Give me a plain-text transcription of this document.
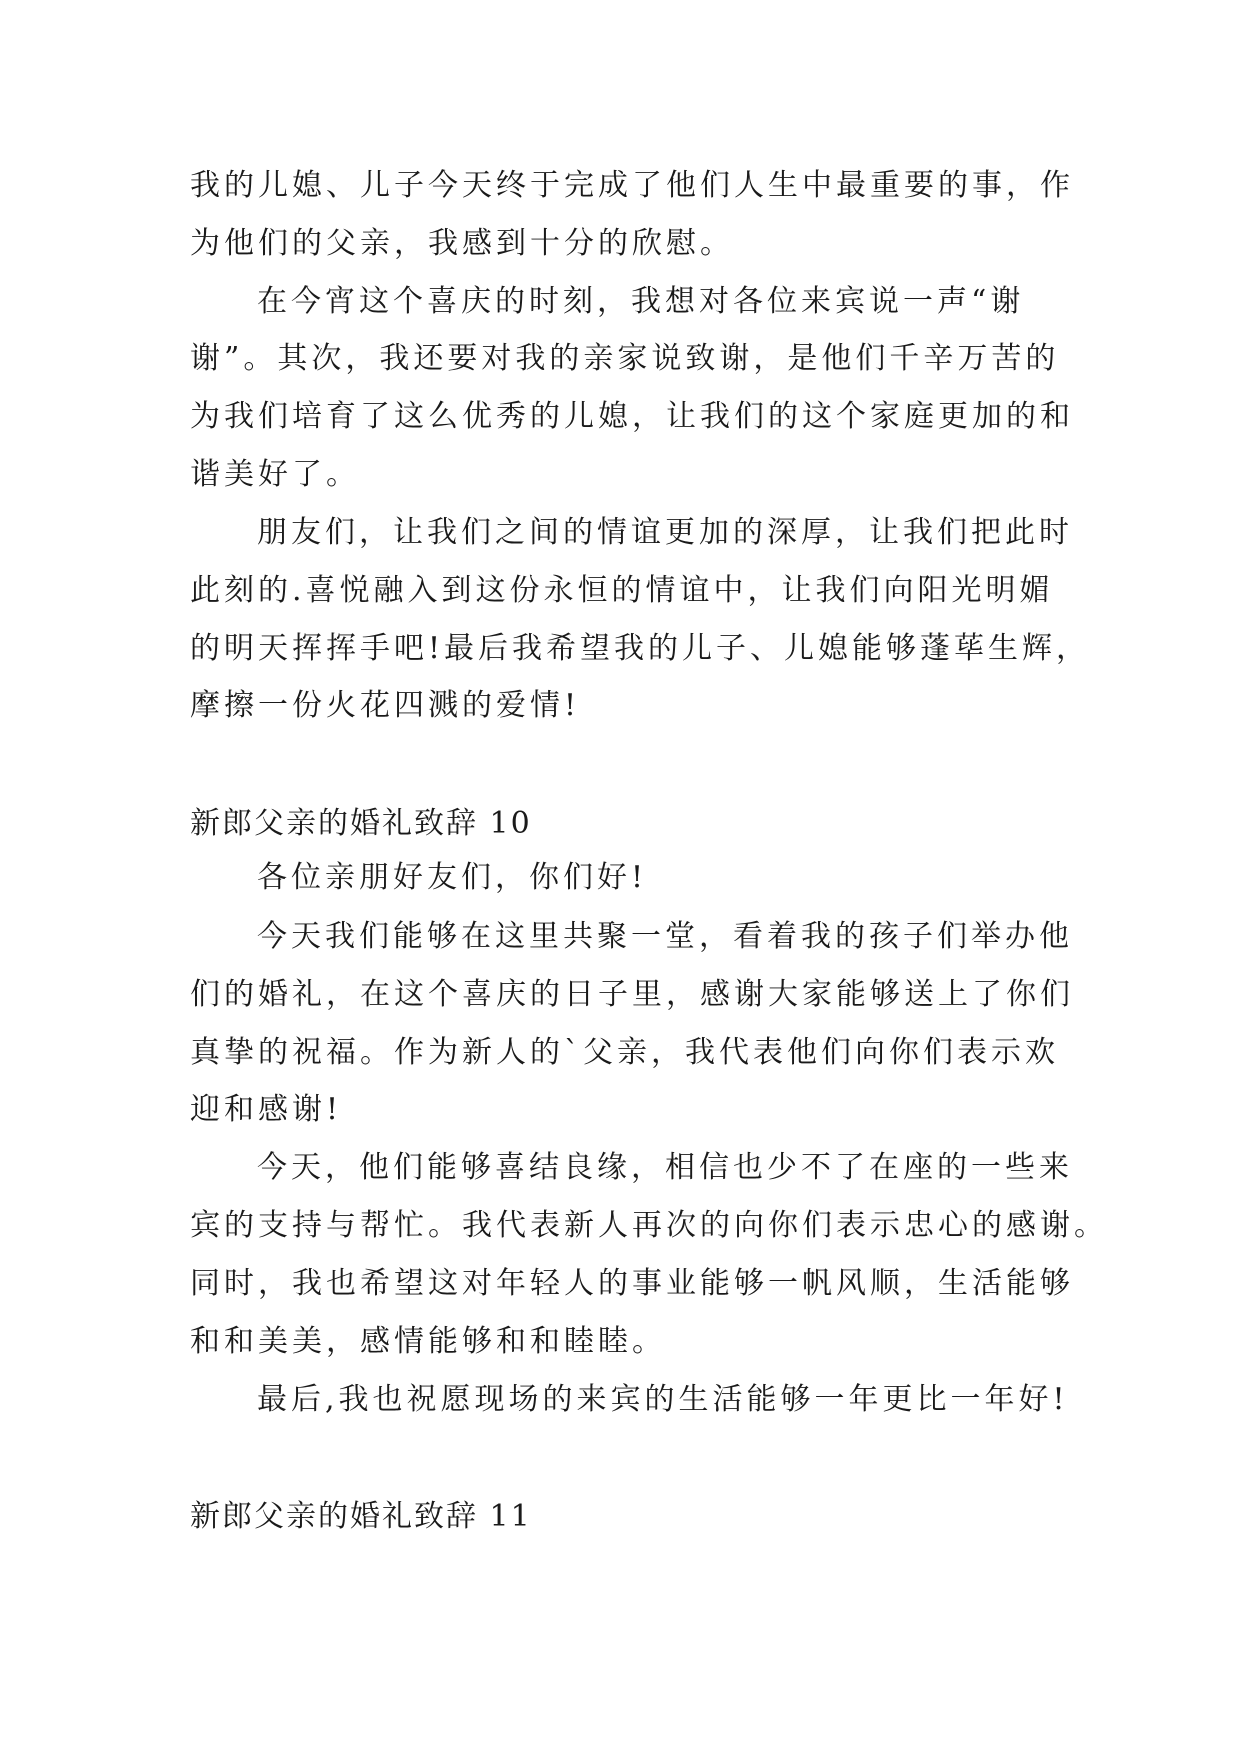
我的儿媳、儿子今天终于完成了他们人生中最重要的事，作
为他们的父亲，我感到十分的欣慰。
在今宵这个喜庆的时刻，我想对各位来宾说一声“谢
谢”。其次，我还要对我的亲家说致谢，是他们千辛万苦的
为我们培育了这么优秀的儿媳，让我们的这个家庭更加的和
谐美好了。
朋友们，让我们之间的情谊更加的深厚，让我们把此时
此刻的.喜悦融入到这份永恒的情谊中，让我们向阳光明媚
的明天挥挥手吧!最后我希望我的儿子、儿媳能够蓬荜生辉，
摩擦一份火花四溅的爱情!
新郎父亲的婚礼致辞 10
各位亲朋好友们，你们好!
今天我们能够在这里共聚一堂，看着我的孩子们举办他
们的婚礼，在这个喜庆的日子里，感谢大家能够送上了你们
真挚的祝福。作为新人的`父亲，我代表他们向你们表示欢
迎和感谢!
今天，他们能够喜结良缘，相信也少不了在座的一些来
宾的支持与帮忙。我代表新人再次的向你们表示忠心的感谢。
同时，我也希望这对年轻人的事业能够一帆风顺，生活能够
和和美美，感情能够和和睦睦。
最后,我也祝愿现场的来宾的生活能够一年更比一年好!
新郎父亲的婚礼致辞 11
